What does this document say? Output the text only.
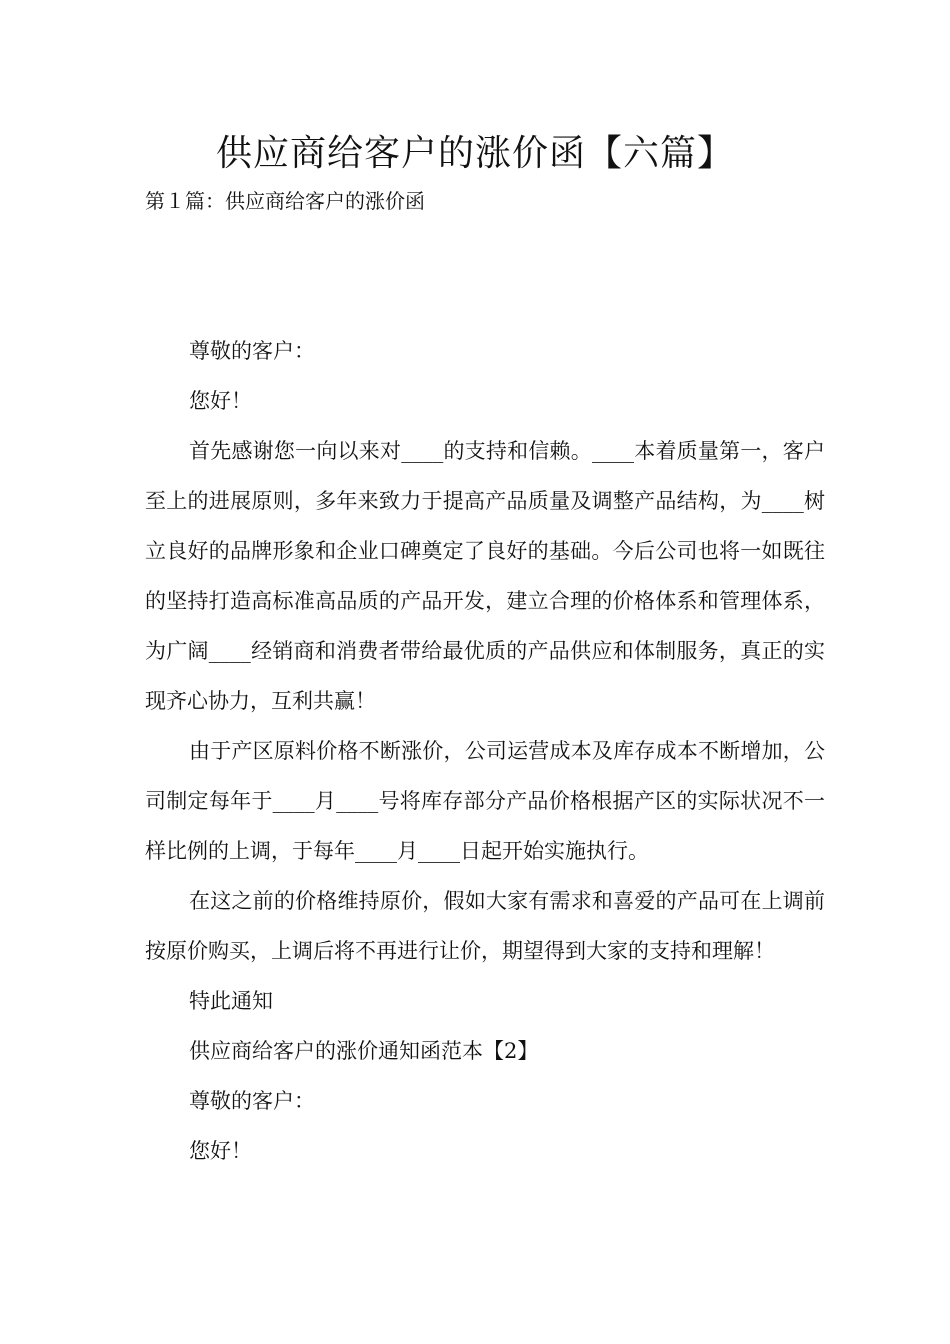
供应商给客户的涨价函【六篇】
第１篇：供应商给客户的涨价函

尊敬的客户：

您好！

首先感谢您一向以来对____的支持和信赖。____本着质量第一，客户至上的进展原则，多年来致力于提高产品质量及调整产品结构，为____树立良好的品牌形象和企业口碑奠定了良好的基础。今后公司也将一如既往的坚持打造高标准高品质的产品开发，建立合理的价格体系和管理体系，为广阔____经销商和消费者带给最优质的产品供应和体制服务，真正的实现齐心协力，互利共赢！

由于产区原料价格不断涨价，公司运营成本及库存成本不断增加，公司制定每年于____月____号将库存部分产品价格根据产区的实际状况不一样比例的上调，于每年____月____日起开始实施执行。

在这之前的价格维持原价，假如大家有需求和喜爱的产品可在上调前按原价购买，上调后将不再进行让价，期望得到大家的支持和理解！

特此通知

供应商给客户的涨价通知函范本【2】

尊敬的客户：

您好！
